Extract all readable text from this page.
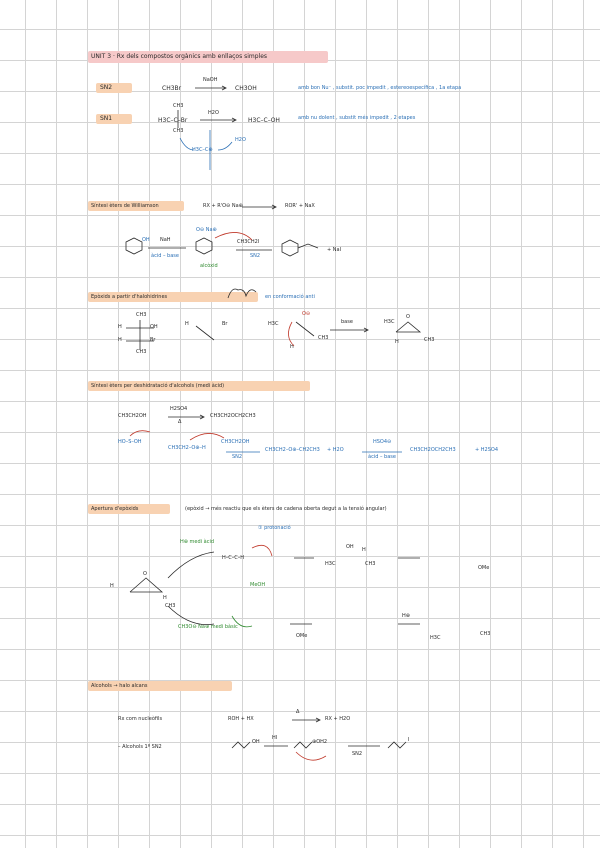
UNIT 3 · Rx dels compostos orgànics amb enllaços simples
SN2	CH3Br
NaOH
CH3OH	amb bon Nu⁻ , substit. poc impedit , estereoespecífica , 1a etapa
SN1
CH3
H3C–C–Br
CH3
H2O
H3C–C–OH	amb nu dolent , substit més impedit , 2 etapes
H3C–C⊕
H2O
Síntesi èters de Williamson	RX + R'O⊖ Na⊕	ROR' + NaX
OH NaH
àcid – base
O⊖ Na⊕
alcòxid
CH3CH2I
SN2
+ NaI
Epòxids a partir d'halohidrines	en conformació anti
H	OH
H	Br
CH3
CH3
H	Br
O⊖
H3C
H
CH3
base	H3C
H	CH3
O
Síntesi èters per deshidratació d'alcohols (medi àcid)
CH3CH2OH
H2SO4
Δ
CH3CH2OCH2CH3
HO–S–OH
CH3CH2–O⊕–H
CH3CH2OH
SN2
CH3CH2–O⊕–CH2CH3 + H2O
HSO4⊖
àcid – base
CH3CH2OCH2CH3	+ H2SO4
Apertura d'epòxids	(epòxid → més reactiu que els èters de cadena oberta degut a la tensió angular)
① protonació
H⊕ medi àcid
CH3O⊖ Na⊕ medi bàsic
MeOH
H
O
H
CH3
H–C–C–H
H3C
H
CH3
OH
OMe
H3C
CH3
H⊕
OMe
Alcohols → halo alcans
Rx com nucleòfils	ROH + HX
Δ
RX + H2O
– Alcohols 1º SN2
OH
HI
⊕OH2
SN2
I
